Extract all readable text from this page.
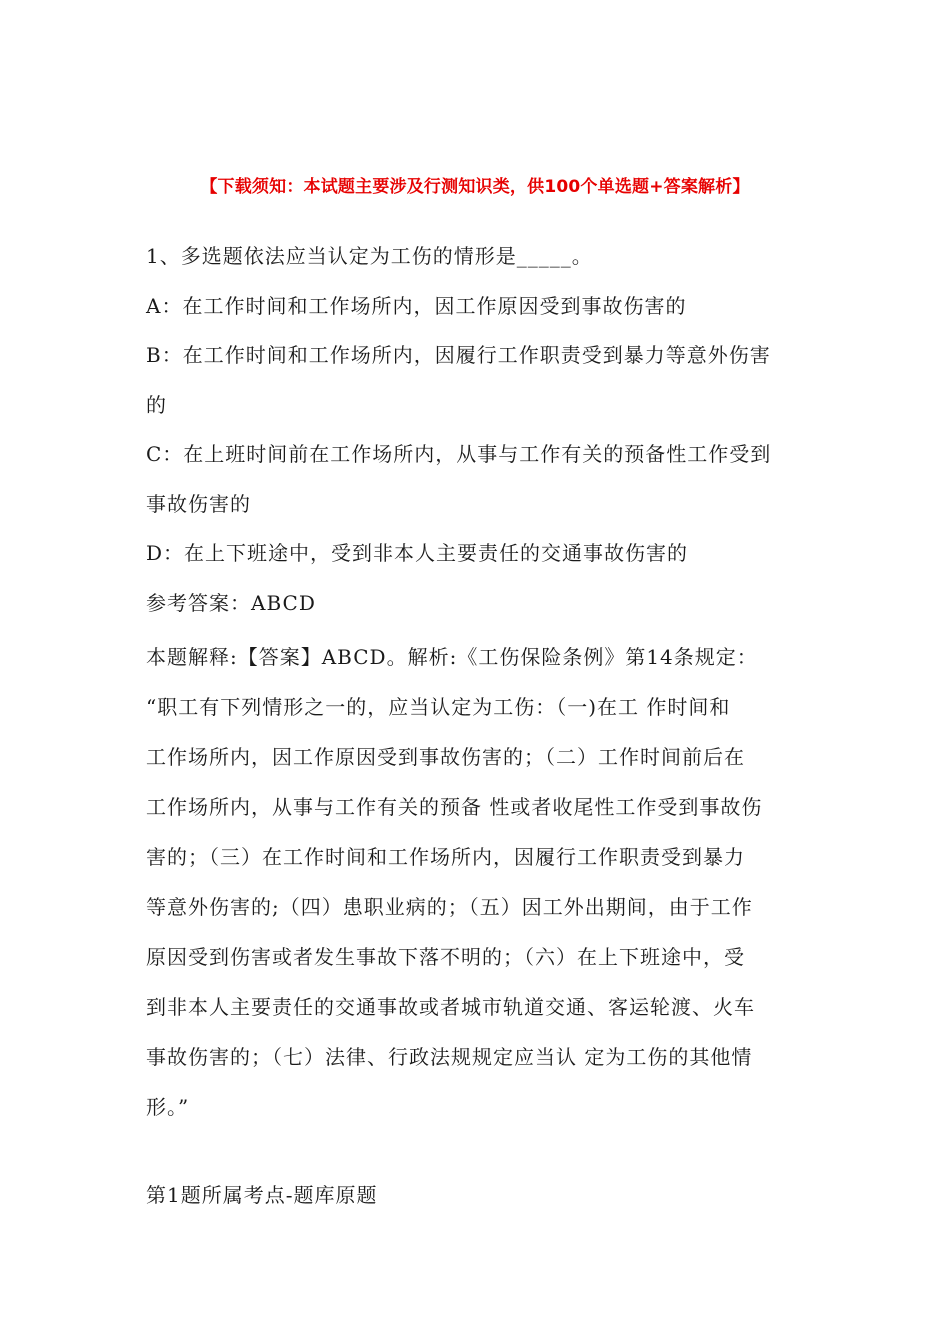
【下载须知：本试题主要涉及行测知识类，供100个单选题+答案解析】

1、多选题依法应当认定为工伤的情形是_____。

A：在工作时间和工作场所内，因工作原因受到事故伤害的

B：在工作时间和工作场所内，因履行工作职责受到暴力等意外伤害

的

C：在上班时间前在工作场所内，从事与工作有关的预备性工作受到

事故伤害的

D：在上下班途中，受到非本人主要责任的交通事故伤害的

参考答案：ABCD

本题解释:【答案】ABCD。解析:《工伤保险条例》第14条规定：

“职工有下列情形之一的，应当认定为工伤：（一)在工 作时间和

工作场所内，因工作原因受到事故伤害的；（二）工作时间前后在

工作场所内，从事与工作有关的预备 性或者收尾性工作受到事故伤

害的；（三）在工作时间和工作场所内，因履行工作职责受到暴力

等意外伤害的;（四）患职业病的；（五）因工外出期间，由于工作

原因受到伤害或者发生事故下落不明的；（六）在上下班途中，受

到非本人主要责任的交通事故或者城市轨道交通、客运轮渡、火车

事故伤害的；（七）法律、行政法规规定应当认 定为工伤的其他情

形。”

第1题所属考点-题库原题
